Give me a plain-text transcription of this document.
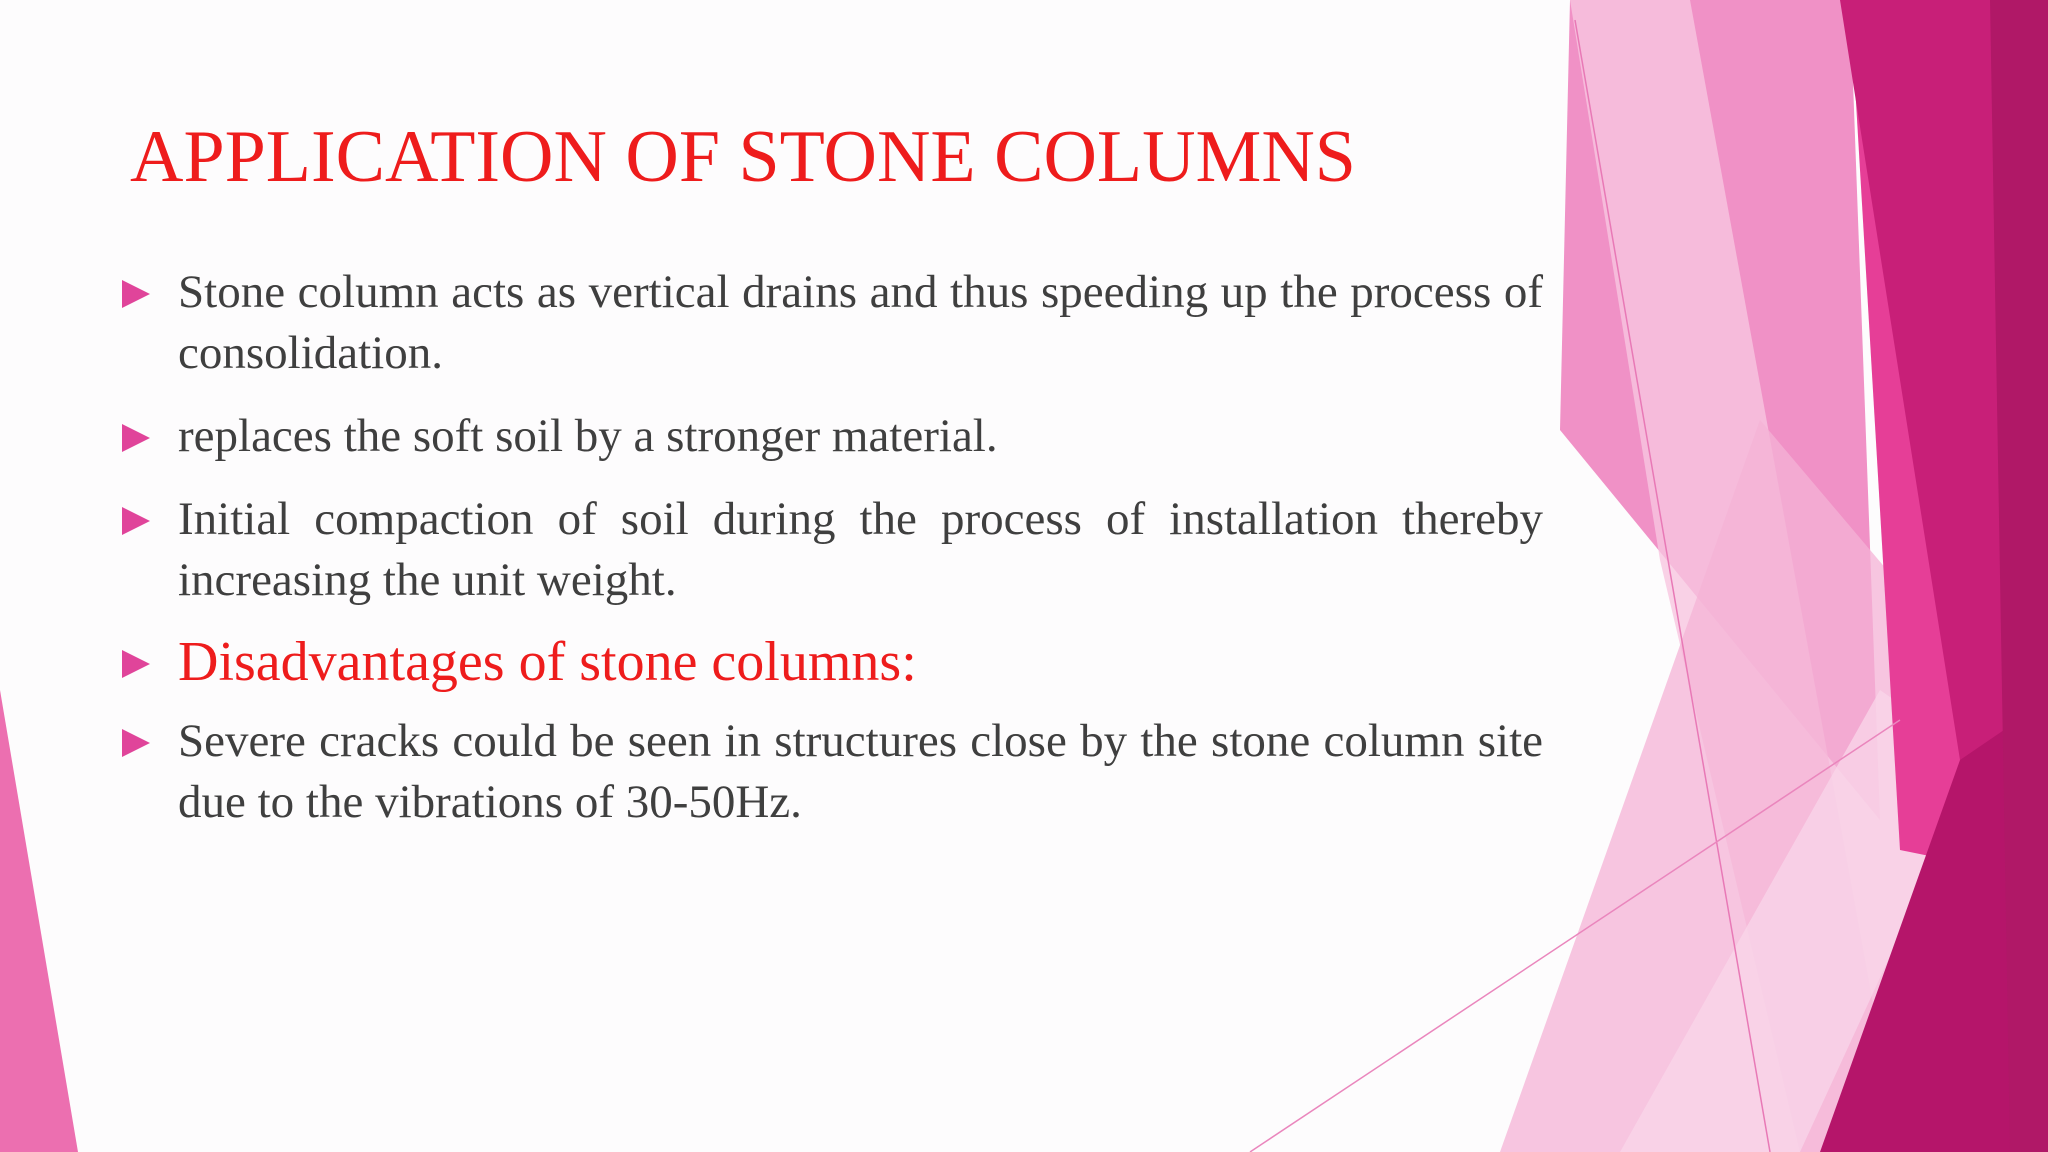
APPLICATION OF STONE COLUMNS
Stone column acts as vertical drains and thus speeding up the process of consolidation.
replaces the soft soil by a stronger material.
Initial compaction of soil during the process of installation thereby increasing the unit weight.
Disadvantages of stone columns:
Severe cracks could be seen in structures close by the stone column site due to the vibrations of 30-50Hz.
